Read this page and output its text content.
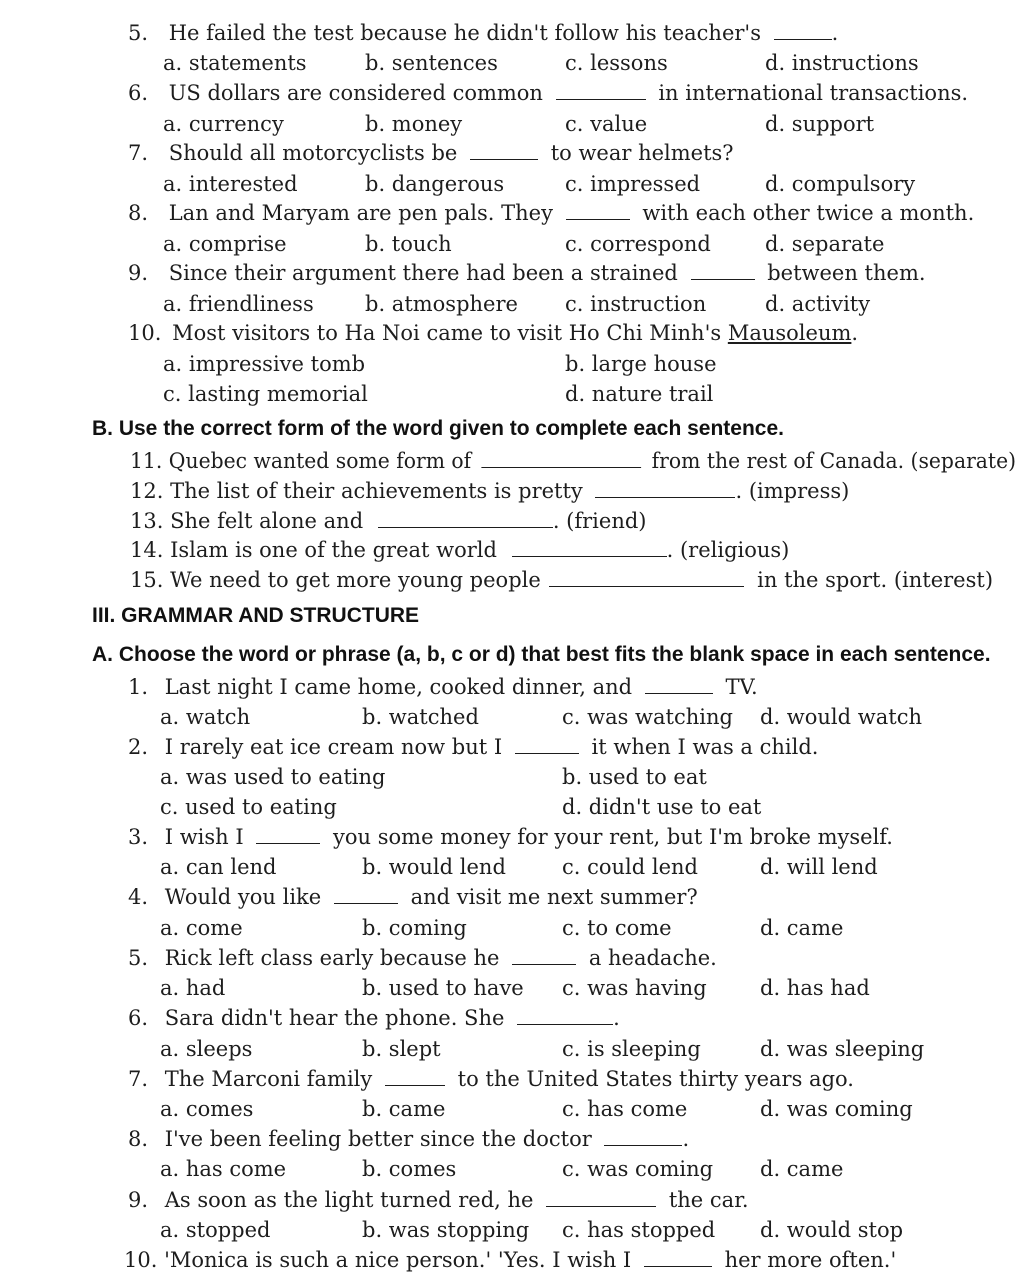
5. He failed the test because he didn't follow his teacher's	.
a. statements	b. sentences	c. lessons	d. instructions
6. US dollars are considered common	in international transactions.
a. currency	b. money	c. value	d. support
7. Should all motorcyclists be	to wear helmets?
a. interested	b. dangerous	c. impressed	d. compulsory
8. Lan and Maryam are pen pals. They	with each other twice a month.
a. comprise	b. touch	c. correspond	d. separate
9. Since their argument there had been a strained	between them.
a. friendliness b. atmosphere c. instruction	d. activity
10. Most visitors to Ha Noi came to visit Ho Chi Minh's Mausoleum.
a. impressive tomb	b. large house
c. lasting memorial	d. nature trail
B. Use the correct form of the word given to complete each sentence.
11. Quebec wanted some form of	from the rest of Canada. (separate)
12. The list of their achievements is pretty	. (impress)
13. She felt alone and	. (friend)
14. Islam is one of the great world	. (religious)
15. We need to get more young people	in the sport. (interest)
III. GRAMMAR AND STRUCTURE
A. Choose the word or phrase (a, b, c or d) that best fits the blank space in each sentence.
1. Last night I came home, cooked dinner, and	TV.
a. watch	b. watched	c. was watching d. would watch
2. I rarely eat ice cream now but I	it when I was a child.
a. was used to eating	b. used to eat
c. used to eating	d. didn't use to eat
3. I wish I	you some money for your rent, but I'm broke myself.
a. can lend	b. would lend	c. could lend	d. will lend
4. Would you like	and visit me next summer?
a. come	b. coming	c. to come	d. came
5. Rick left class early because he	a headache.
a. had	b. used to have c. was having	d. has had
6. Sara didn't hear the phone. She	.
a. sleeps	b. slept	c. is sleeping	d. was sleeping
7. The Marconi family	to the United States thirty years ago.
a. comes	b. came	c. has come	d. was coming
8. I've been feeling better since the doctor	.
a. has come	b. comes	c. was coming d. came
9. As soon as the light turned red, he	the car.
a. stopped	b. was stopping c. has stopped d. would stop
10. 'Monica is such a nice person.' 'Yes. I wish I	her more often.'
